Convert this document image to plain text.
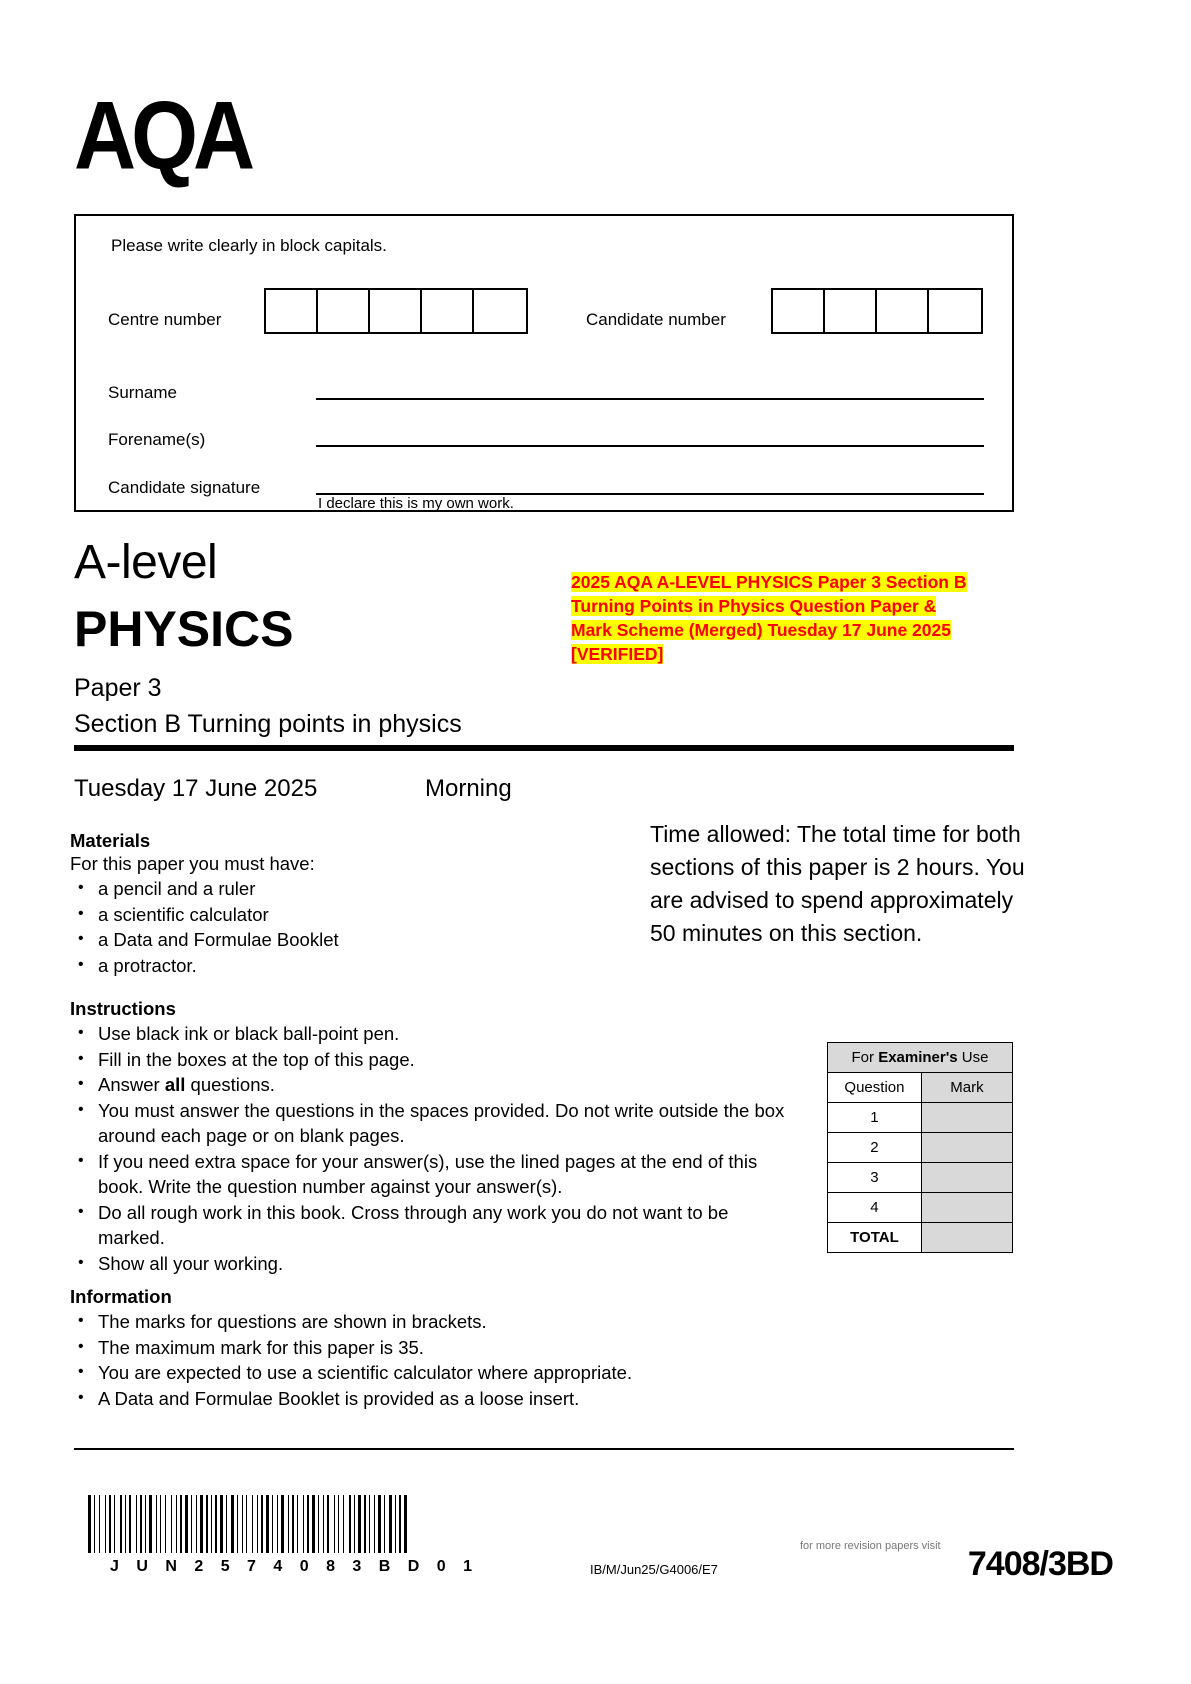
AQA
Please write clearly in block capitals.
Centre number	Candidate number
Surname
Forename(s)
Candidate signature
I declare this is my own work.
A-level
PHYSICS
Paper 3
Section B Turning points in physics
2025 AQA A-LEVEL PHYSICS Paper 3 Section B
Turning Points in Physics Question Paper &
Mark Scheme (Merged) Tuesday 17 June 2025
[VERIFIED]
Tuesday 17 June 2025	Morning
Time allowed: The total time for both sections of this paper is 2 hours. You are advised to spend approximately 50 minutes on this section.
Materials

For this paper you must have:

• a pencil and a ruler
• a scientific calculator
• a Data and Formulae Booklet
• a protractor.
Instructions
• Use black ink or black ball-point pen.
• Fill in the boxes at the top of this page.
• Answer all questions.
• You must answer the questions in the spaces provided. Do not write outside the box around each page or on blank pages.
• If you need extra space for your answer(s), use the lined pages at the end of this book. Write the question number against your answer(s).
• Do all rough work in this book. Cross through any work you do not want to be marked.
• Show all your working.
Information
• The marks for questions are shown in brackets.
• The maximum mark for this paper is 35.
• You are expected to use a scientific calculator where appropriate.
• A Data and Formulae Booklet is provided as a loose insert.
For Examiner's Use	
Question	Mark
1	
2	
3	
4	
TOTAL	
J U N 2 5 7 4 0 8 3 B D 0 1	IB/M/Jun25/G4006/E7
for more revision papers visit 7408/3BD
